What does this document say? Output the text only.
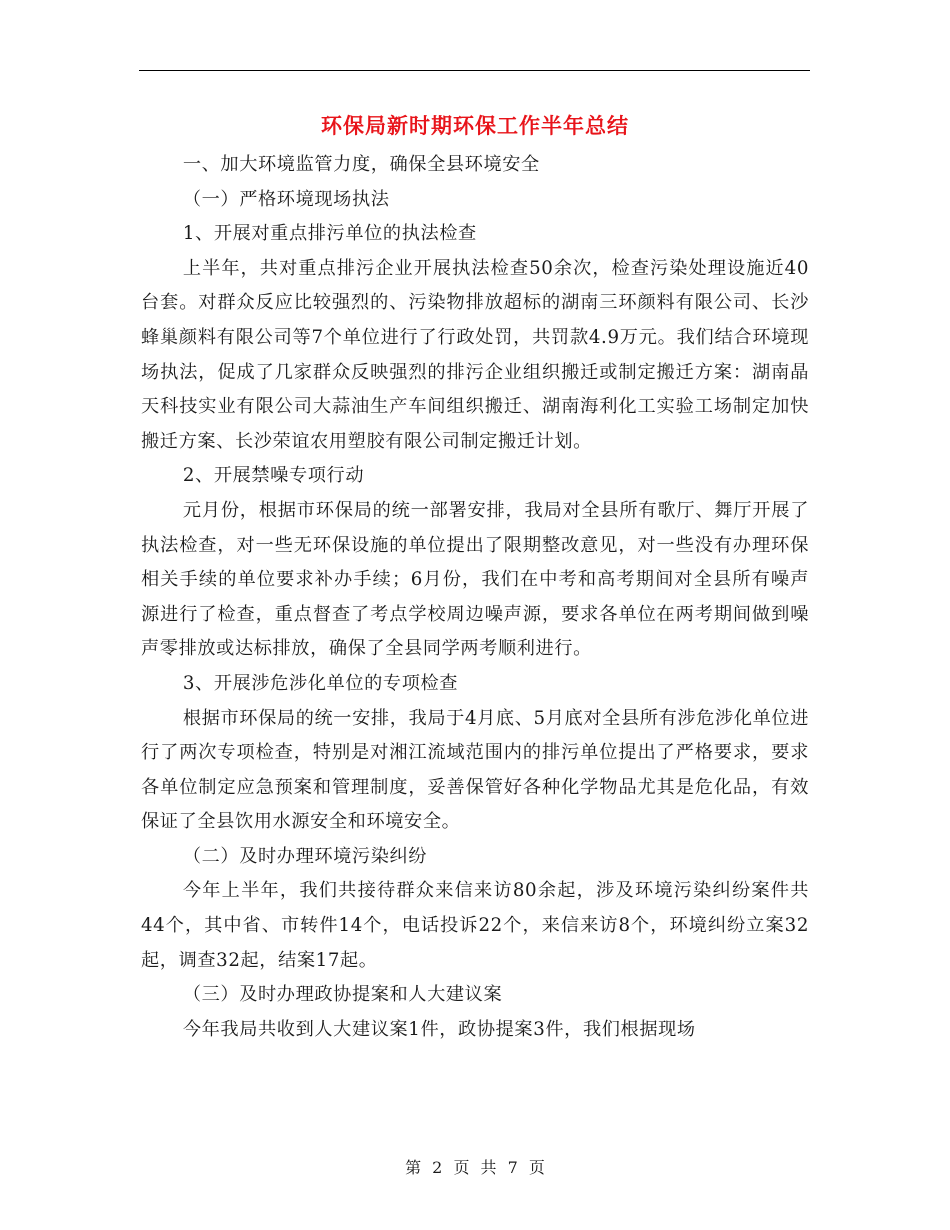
环保局新时期环保工作半年总结

一、加大环境监管力度，确保全县环境安全

（一）严格环境现场执法

1、开展对重点排污单位的执法检查

上半年，共对重点排污企业开展执法检查50余次，检查污染处理设施近40台套。对群众反应比较强烈的、污染物排放超标的湖南三环颜料有限公司、长沙蜂巢颜料有限公司等7个单位进行了行政处罚，共罚款4.9万元。我们结合环境现场执法，促成了几家群众反映强烈的排污企业组织搬迁或制定搬迁方案：湖南晶天科技实业有限公司大蒜油生产车间组织搬迁、湖南海利化工实验工场制定加快搬迁方案、长沙荣谊农用塑胶有限公司制定搬迁计划。

2、开展禁噪专项行动

元月份，根据市环保局的统一部署安排，我局对全县所有歌厅、舞厅开展了执法检查，对一些无环保设施的单位提出了限期整改意见，对一些没有办理环保相关手续的单位要求补办手续；6月份，我们在中考和高考期间对全县所有噪声源进行了检查，重点督查了考点学校周边噪声源，要求各单位在两考期间做到噪声零排放或达标排放，确保了全县同学两考顺利进行。

3、开展涉危涉化单位的专项检查

根据市环保局的统一安排，我局于4月底、5月底对全县所有涉危涉化单位进行了两次专项检查，特别是对湘江流域范围内的排污单位提出了严格要求，要求各单位制定应急预案和管理制度，妥善保管好各种化学物品尤其是危化品，有效保证了全县饮用水源安全和环境安全。

（二）及时办理环境污染纠纷

今年上半年，我们共接待群众来信来访80余起，涉及环境污染纠纷案件共44个，其中省、市转件14个，电话投诉22个，来信来访8个，环境纠纷立案32起，调查32起，结案17起。

（三）及时办理政协提案和人大建议案

今年我局共收到人大建议案1件，政协提案3件，我们根据现场

第 2 页 共 7 页
